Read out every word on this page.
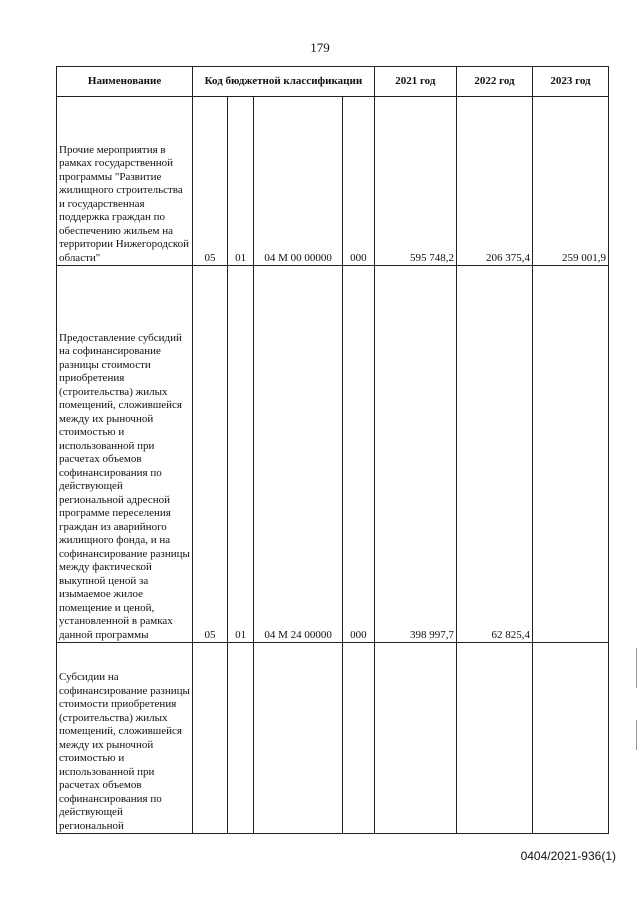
179
Наименование	Код бюджетной классификации				2021 год	2022 год	2023 год
Прочие мероприятия в рамках государственной программы "Развитие жилищного строительства и государственная поддержка граждан по обеспечению жильем на территории Нижегородской области"	05	01	04 М 00 00000	000	595 748,2	206 375,4	259 001,9
Предоставление субсидий на софинансирование разницы стоимости приобретения (строительства) жилых помещений, сложившейся между их рыночной стоимостью и использованной при расчетах объемов софинансирования по действующей региональной адресной программе переселения граждан из аварийного жилищного фонда, и на софинансирование разницы между фактической выкупной ценой за изымаемое жилое помещение и ценой, установленной в рамках данной программы	05	01	04 М 24 00000	000	398 997,7	62 825,4	
Субсидии на софинансирование разницы стоимости приобретения (строительства) жилых помещений, сложившейся между их рыночной стоимостью и использованной при расчетах объемов софинансирования по действующей региональной							
0404/2021-936(1)
